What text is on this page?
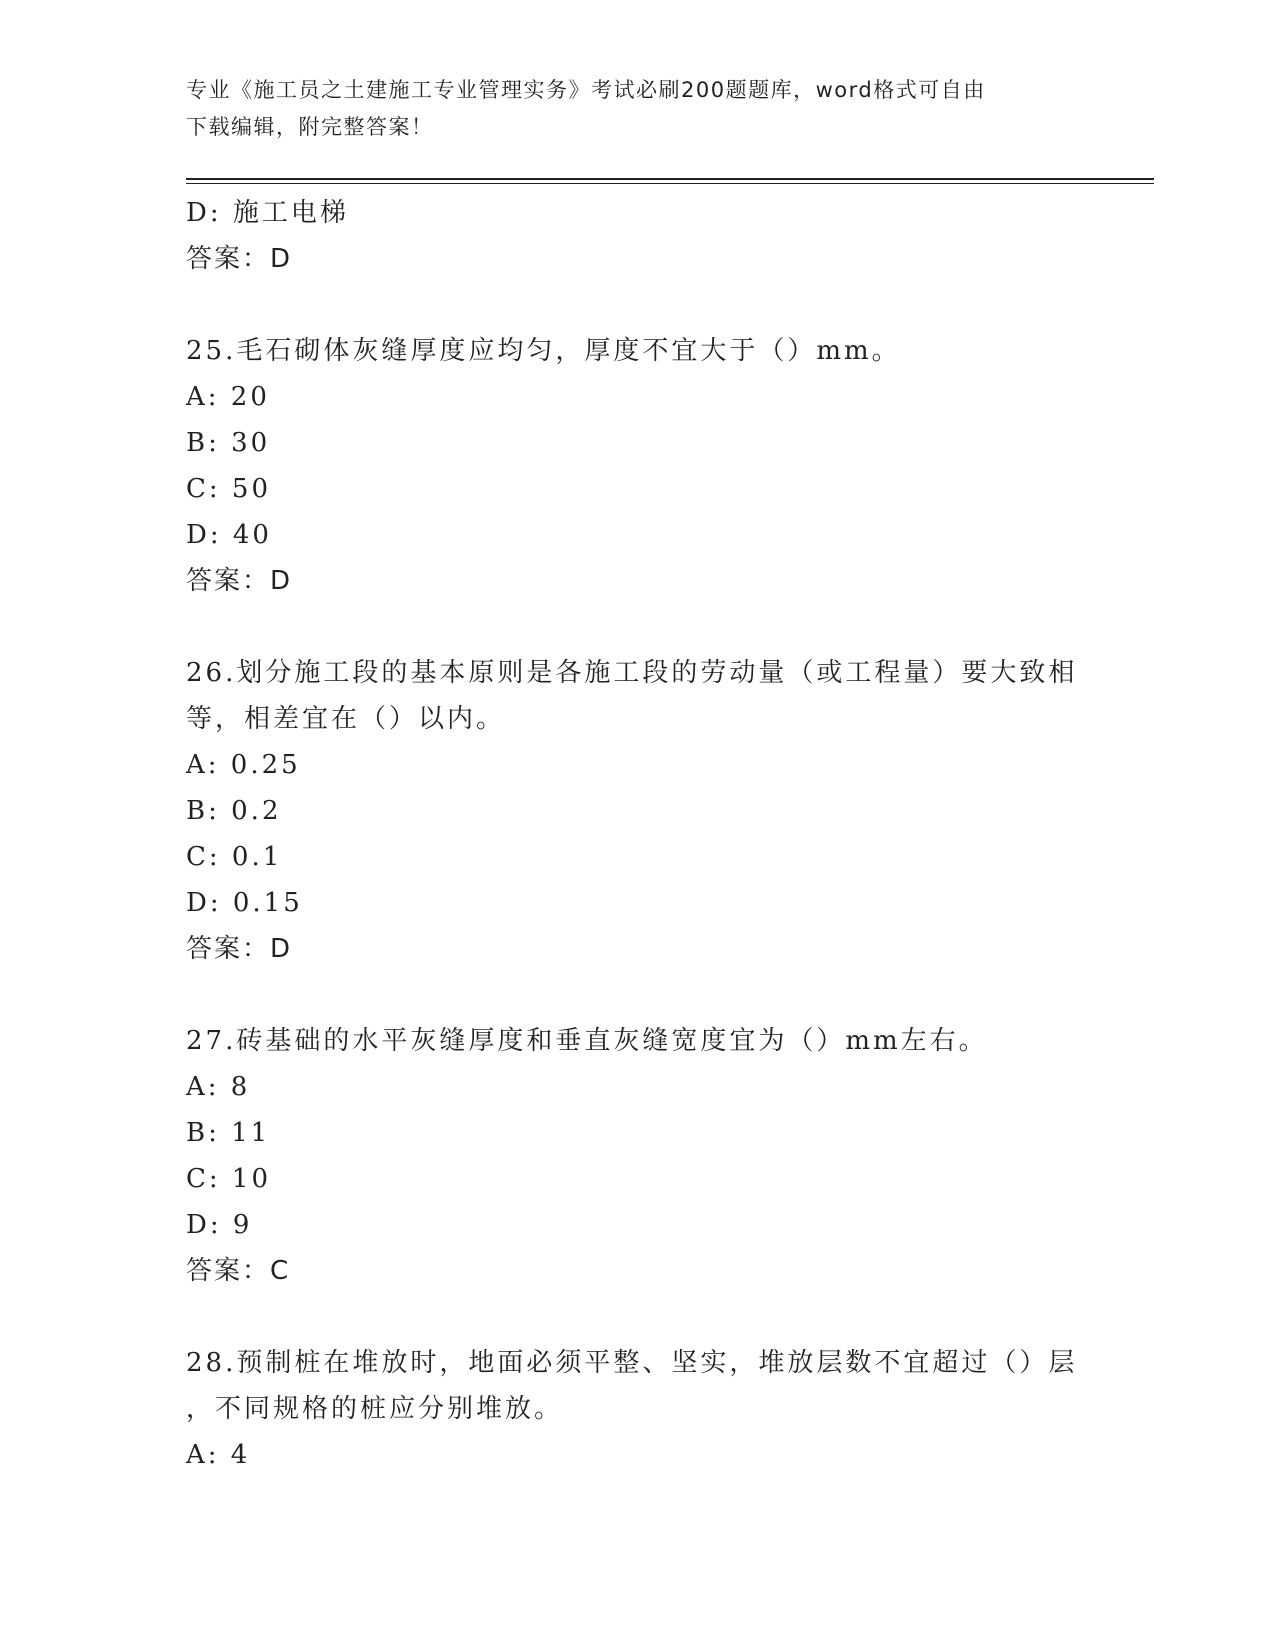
专业《施工员之土建施工专业管理实务》考试必刷200题题库，word格式可自由
下载编辑，附完整答案！
D: 施工电梯
答案：D
25.毛石砌体灰缝厚度应均匀，厚度不宜大于（）mm。
A: 20
B: 30
C: 50
D: 40
答案：D
26.划分施工段的基本原则是各施工段的劳动量（或工程量）要大致相
等，相差宜在（）以内。
A: 0.25
B: 0.2
C: 0.1
D: 0.15
答案：D
27.砖基础的水平灰缝厚度和垂直灰缝宽度宜为（）mm左右。
A: 8
B: 11
C: 10
D: 9
答案：C
28.预制桩在堆放时，地面必须平整、坚实，堆放层数不宜超过（）层
，不同规格的桩应分别堆放。
A: 4
